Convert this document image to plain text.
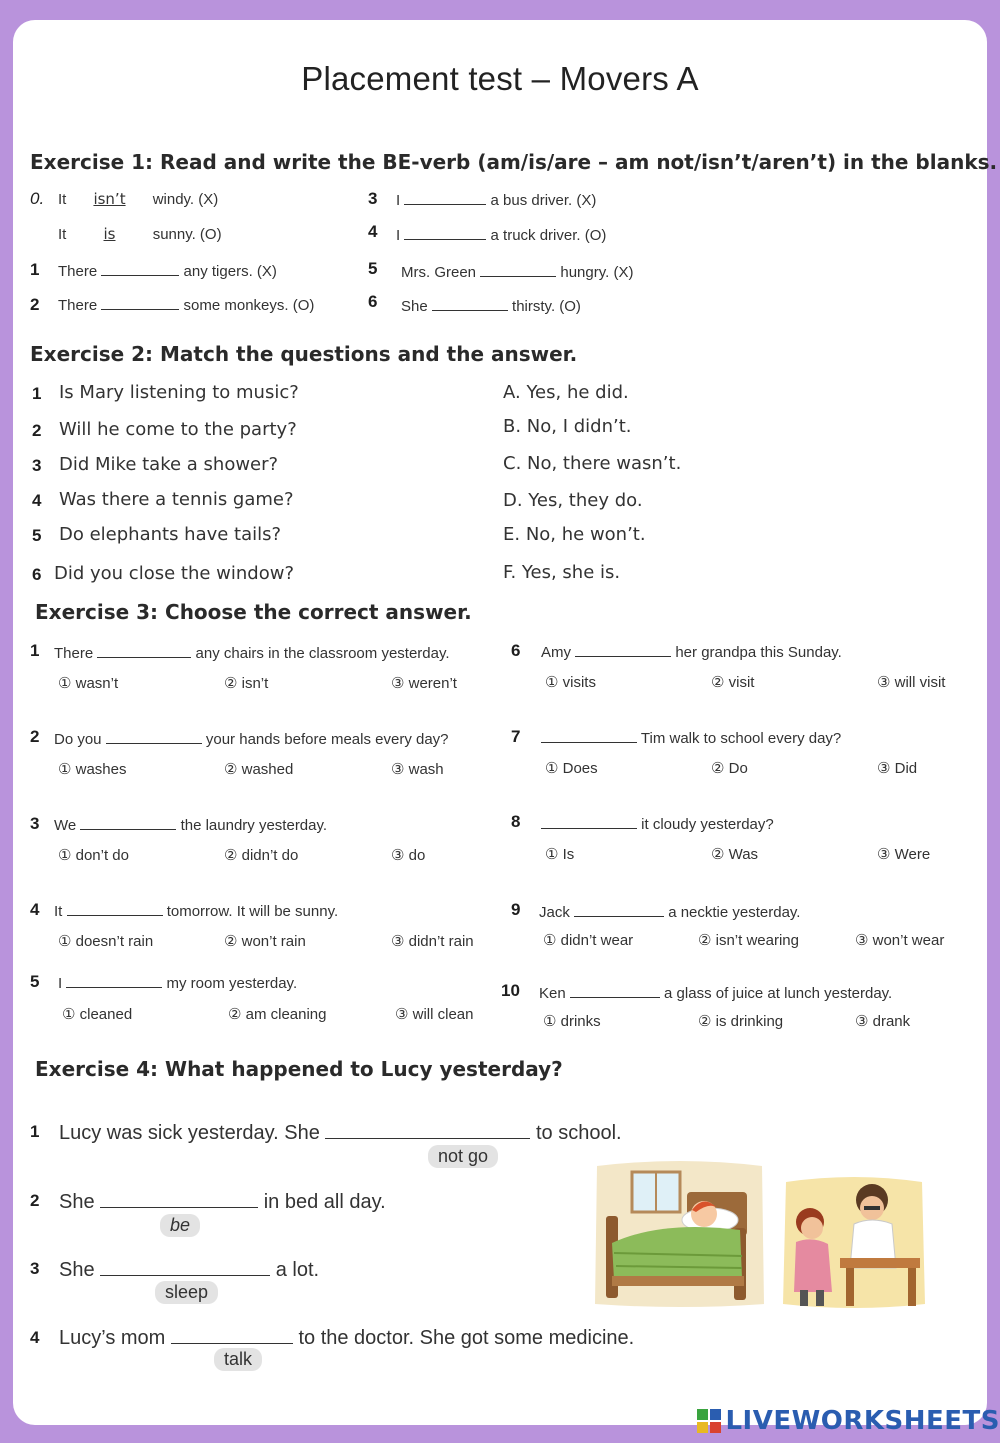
Placement test – Movers A
Exercise 1: Read and write the BE-verb (am/is/are – am not/isn’t/aren’t) in the blanks.
0. It isn’t windy. (X)
It is sunny. (O)
1 There	any tigers. (X)
2 There	some monkeys. (O)
3 I	a bus driver. (X)
4 I	a truck driver. (O)
5 Mrs. Green	hungry. (X)
6 She	thirsty. (O)
Exercise 2: Match the questions and the answer.
1 Is Mary listening to music?
2 Will he come to the party?
3 Did Mike take a shower?
4 Was there a tennis game?
5 Do elephants have tails?
6 Did you close the window?
A. Yes, he did.
B. No, I didn’t.
C. No, there wasn’t.
D. Yes, they do.
E. No, he won’t.
F. Yes, she is.
Exercise 3: Choose the correct answer.
1 There	any chairs in the classroom yesterday.
① wasn’t	② isn’t	③ weren’t
2 Do you	your hands before meals every day?
① washes	② washed	③ wash
3 We	the laundry yesterday.
① don’t do	② didn’t do	③ do
4 It	tomorrow. It will be sunny.
① doesn’t rain	② won’t rain	③ didn’t rain
5 I	my room yesterday.
① cleaned	② am cleaning	③ will clean
6 Amy	her grandpa this Sunday.
① visits	② visit	③ will visit
7	Tim walk to school every day?
① Does	② Do	③ Did
8	it cloudy yesterday?
① Is	② Was	③ Were
9 Jack	a necktie yesterday.
① didn’t wear	② isn’t wearing	③ won’t wear
10 Ken	a glass of juice at lunch yesterday.
① drinks	② is drinking	③ drank
Exercise 4: What happened to Lucy yesterday?
1 Lucy was sick yesterday. She	to school.
not go
2 She	in bed all day.
be
3 She	a lot.
sleep
4 Lucy’s mom	to the doctor. She got some medicine.
talk
LIVEWORKSHEETS
